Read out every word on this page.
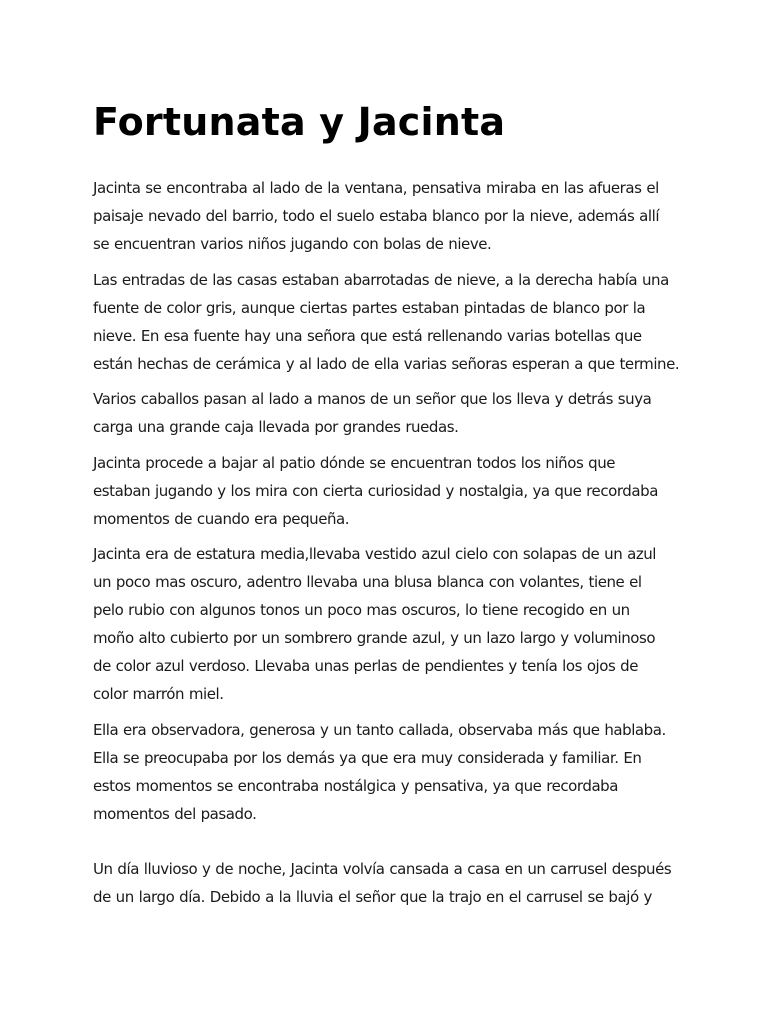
Fortunata y Jacinta

Jacinta se encontraba al lado de la ventana, pensativa miraba en las afueras el
paisaje nevado del barrio, todo el suelo estaba blanco por la nieve, además allí
se encuentran varios niños jugando con bolas de nieve.

Las entradas de las casas estaban abarrotadas de nieve, a la derecha había una
fuente de color gris, aunque ciertas partes estaban pintadas de blanco por la
nieve. En esa fuente hay una señora que está rellenando varias botellas que
están hechas de cerámica y al lado de ella varias señoras esperan a que termine.

Varios caballos pasan al lado a manos de un señor que los lleva y detrás suya
carga una grande caja llevada por grandes ruedas.

Jacinta procede a bajar al patio dónde se encuentran todos los niños que
estaban jugando y los mira con cierta curiosidad y nostalgia, ya que recordaba
momentos de cuando era pequeña.

Jacinta era de estatura media,llevaba vestido azul cielo con solapas de un azul
un poco mas oscuro, adentro llevaba una blusa blanca con volantes, tiene el
pelo rubio con algunos tonos un poco mas oscuros, lo tiene recogido en un
moño alto cubierto por un sombrero grande azul, y un lazo largo y voluminoso
de color azul verdoso. Llevaba unas perlas de pendientes y tenía los ojos de
color marrón miel.

Ella era observadora, generosa y un tanto callada, observaba más que hablaba.
Ella se preocupaba por los demás ya que era muy considerada y familiar. En
estos momentos se encontraba nostálgica y pensativa, ya que recordaba
momentos del pasado.

Un día lluvioso y de noche, Jacinta volvía cansada a casa en un carrusel después
de un largo día. Debido a la lluvia el señor que la trajo en el carrusel se bajó y
